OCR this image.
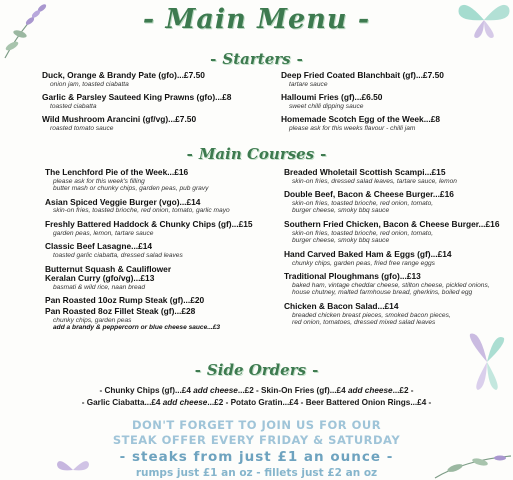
- Main Menu -
- Starters -
Duck, Orange & Brandy Pate (gfo)...£7.50
onion jam, toasted ciabatta
Garlic & Parsley Sauteed King Prawns (gfo)...£8
toasted ciabatta
Wild Mushroom Arancini (gf/vg)...£7.50
roasted tomato sauce
Deep Fried Coated Blanchbait (gf)...£7.50
tartare sauce
Halloumi Fries (gf)...£6.50
sweet chilli dipping sauce
Homemade Scotch Egg of the Week...£8
please ask for this weeks flavour - chilli jam
- Main Courses -
The Lenchford Pie of the Week...£16
please ask for this week's filling
butter mash or chunky chips, garden peas, pub gravy
Asian Spiced Veggie Burger (vgo)...£14
skin-on fries, toasted brioche, red onion, tomato, garlic mayo
Freshly Battered Haddock & Chunky Chips (gf)...£15
garden peas, lemon, tartare sauce
Classic Beef Lasagne...£14
toasted garlic ciabatta, dressed salad leaves
Butternut Squash & Cauliflower
Keralan Curry (gfo/vg)...£13
basmati & wild rice, naan bread
Pan Roasted 10oz Rump Steak (gf)...£20
Pan Roasted 8oz Fillet Steak (gf)...£28
chunky chips, garden peas
add a brandy & peppercorn or blue cheese sauce...£3
Breaded Wholetail Scottish Scampi...£15
skin-on fries, dressed salad leaves, tartare sauce, lemon
Double Beef, Bacon & Cheese Burger...£16
skin-on fries, toasted brioche, red onion, tomato,
burger cheese, smoky bbq sauce
Southern Fried Chicken, Bacon & Cheese Burger...£16
skin-on fries, toasted brioche, red onion, tomato,
burger cheese, smoky bbq sauce
Hand Carved Baked Ham & Eggs (gf)...£14
chunky chips, garden peas, fried free range eggs
Traditional Ploughmans (gfo)...£13
baked ham, vintage cheddar cheese, stilton cheese, pickled onions,
house chutney, malted farmhouse bread, gherkins, boiled egg
Chicken & Bacon Salad...£14
breaded chicken breast pieces, smoked bacon pieces,
red onion, tomatoes, dressed mixed salad leaves
- Side Orders -
- Chunky Chips (gf)...£4 add cheese...£2 - Skin-On Fries (gf)...£4 add cheese...£2 -
- Garlic Ciabatta...£4 add cheese...£2 - Potato Gratin...£4 - Beer Battered Onion Rings...£4 -
DON'T FORGET TO JOIN US FOR OUR
STEAK OFFER EVERY FRIDAY & SATURDAY
- steaks from just £1 an ounce -
rumps just £1 an oz - fillets just £2 an oz
